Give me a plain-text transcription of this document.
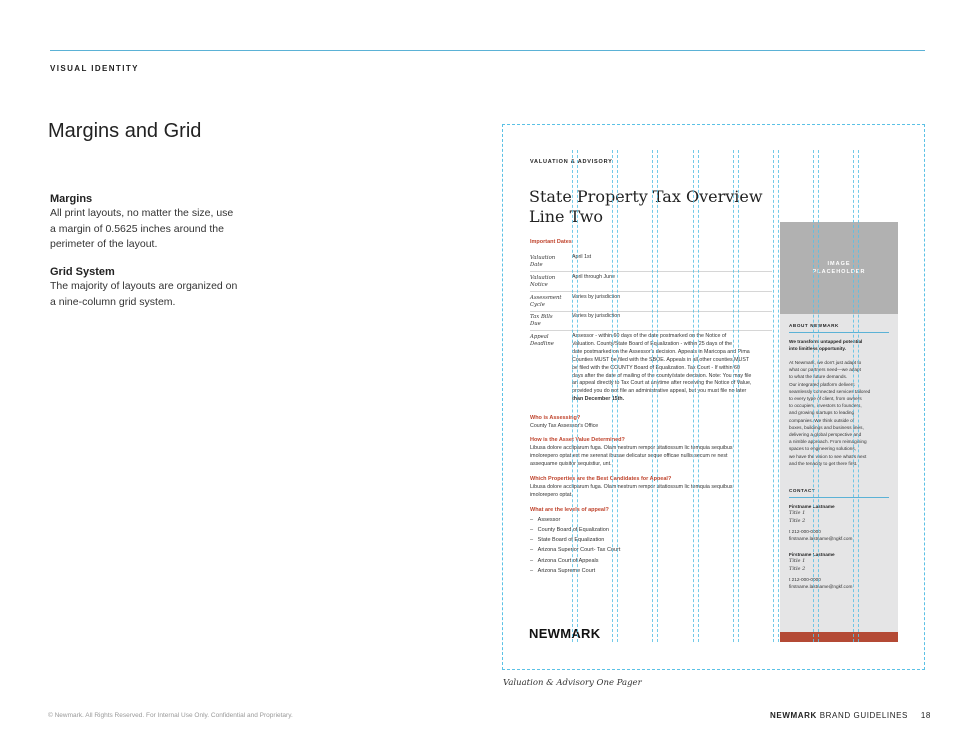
VISUAL IDENTITY
Margins and Grid
Margins

All print layouts, no matter the size, use

a margin of 0.5625 inches around the

perimeter of the layout.

Grid System

The majority of layouts are organized on

a nine-column grid system.

IMAGE
PLACEHOLDER
VALUATION & ADVISORY
State Property Tax Overview
Line Two
Important Dates
Valuation
Date
April 1st
Valuation
Notice
April through June
Assessment
Cycle
Varies by jurisdiction
Tax Bills
Due
Varies by jurisdiction
Appeal
Deadline
Assessor - within 60 days of the date postmarked on the Notice of
Valuation. County/State Board of Equalization - within 25 days of the
date postmarked on the Assessor's decision. Appeals in Maricopa and Pima
Counties MUST be filed with the SBOE. Appeals in all other counties MUST
be filed with the COUNTY Board of Equalization. Tax Court - If within 60
days after the date of mailing of the county/state decision. Note: You may file
an appeal directly to Tax Court at anytime after receiving the Notice of Value,
provided you do not file an administrative appeal, but you must file no later
than December 15th.
Who is Assessing?
County Tax Assessor's Office
How is the Asset Value Determined?
Libusa dolore accliparum fuga. Olam nestrum rempor sitatiossum lic temquia sequibus
imolorepero optat est me serenat ibusae delicatur seque officae nullis secum re nest
assequame quisitor sequistiur, unt.
Which Properties are the Best Candidates for Appeal?
Libusa dolore accliparum fuga. Olam nestrum rempor sitatiossum lic temquia sequibus
imolorepero optat.
What are the levels of appeal?
–   Assessor
–   County Board of Equalization
–   State Board of Equalization
–   Arizona Superior Court- Tax Court
–   Arizona Court of Appeals
–   Arizona Supreme Court
ABOUT NEWMARK
We transform untapped potential
into limitless opportunity.
At Newmark, we don't just adapt to
what our partners need—we adapt
to what the future demands.
Our integrated platform delivers
seamlessly connected services tailored
to every type of client, from owners
to occupiers, investors to founders,
and growing startups to leading
companies. We think outside of
boxes, buildings and business lines,
delivering a global perspective and
a nimble approach. From reimagining
spaces to engineering solutions,
we have the vision to see what's next
and the tenacity to get there first.
CONTACT
Firstname Lastname
Title 1
Title 2
t 212-000-0000
firstname.lastname@ngkf.com
Firstname Lastname
Title 1
Title 2
t 212-000-0000
firstname.lastname@ngkf.com
NEWMARK
Valuation & Advisory One Pager
© Newmark. All Rights Reserved. For Internal Use Only. Confidential and Proprietary.	NEWMARK BRAND GUIDELINES 18
